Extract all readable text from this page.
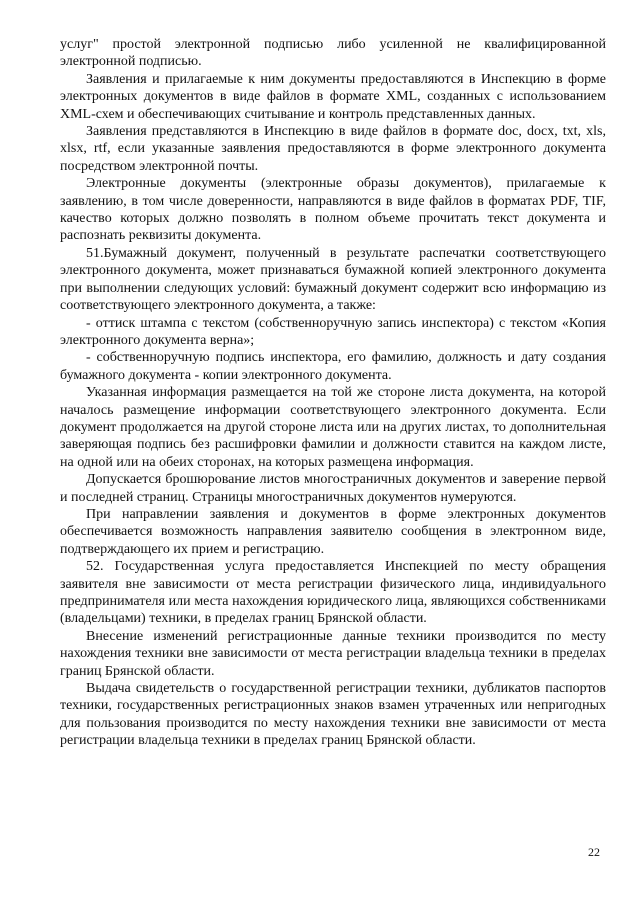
услуг" простой электронной подписью либо усиленной не квалифицированной электронной подписью.

Заявления и прилагаемые к ним документы предоставляются в Инспекцию в форме электронных документов в виде файлов в формате XML, созданных с использованием XML-схем и обеспечивающих считывание и контроль представленных данных.

Заявления представляются в Инспекцию в виде файлов в формате doc, docx, txt, xls, xlsx, rtf, если указанные заявления предоставляются в форме электронного документа посредством электронной почты.

Электронные документы (электронные образы документов), прилагаемые к заявлению, в том числе доверенности, направляются в виде файлов в форматах PDF, TIF, качество которых должно позволять в полном объеме прочитать текст документа и распознать реквизиты документа.

51.Бумажный документ, полученный в результате распечатки соответствующего электронного документа, может признаваться бумажной копией электронного документа при выполнении следующих условий: бумажный документ содержит всю информацию из соответствующего электронного документа, а также:

- оттиск штампа с текстом (собственноручную запись инспектора) с текстом «Копия электронного документа верна»;

- собственноручную подпись инспектора, его фамилию, должность и дату создания бумажного документа - копии электронного документа.

Указанная информация размещается на той же стороне листа документа, на которой началось размещение информации соответствующего электронного документа. Если документ продолжается на другой стороне листа или на других листах, то дополнительная заверяющая подпись без расшифровки фамилии и должности ставится на каждом листе, на одной или на обеих сторонах, на которых размещена информация.

Допускается брошюрование листов многостраничных документов и заверение первой и последней страниц. Страницы многостраничных документов нумеруются.

При направлении заявления и документов в форме электронных документов обеспечивается возможность направления заявителю сообщения в электронном виде, подтверждающего их прием и регистрацию.

52. Государственная услуга предоставляется Инспекцией по месту обращения заявителя вне зависимости от места регистрации физического лица, индивидуального предпринимателя или места нахождения юридического лица, являющихся собственниками (владельцами) техники, в пределах границ Брянской области.

Внесение изменений регистрационные данные техники производится по месту нахождения техники вне зависимости от места регистрации владельца техники в пределах границ Брянской области.

Выдача свидетельств о государственной регистрации техники, дубликатов паспортов техники, государственных регистрационных знаков взамен утраченных или непригодных для пользования производится по месту нахождения техники вне зависимости от места регистрации владельца техники в пределах границ Брянской области.

22
